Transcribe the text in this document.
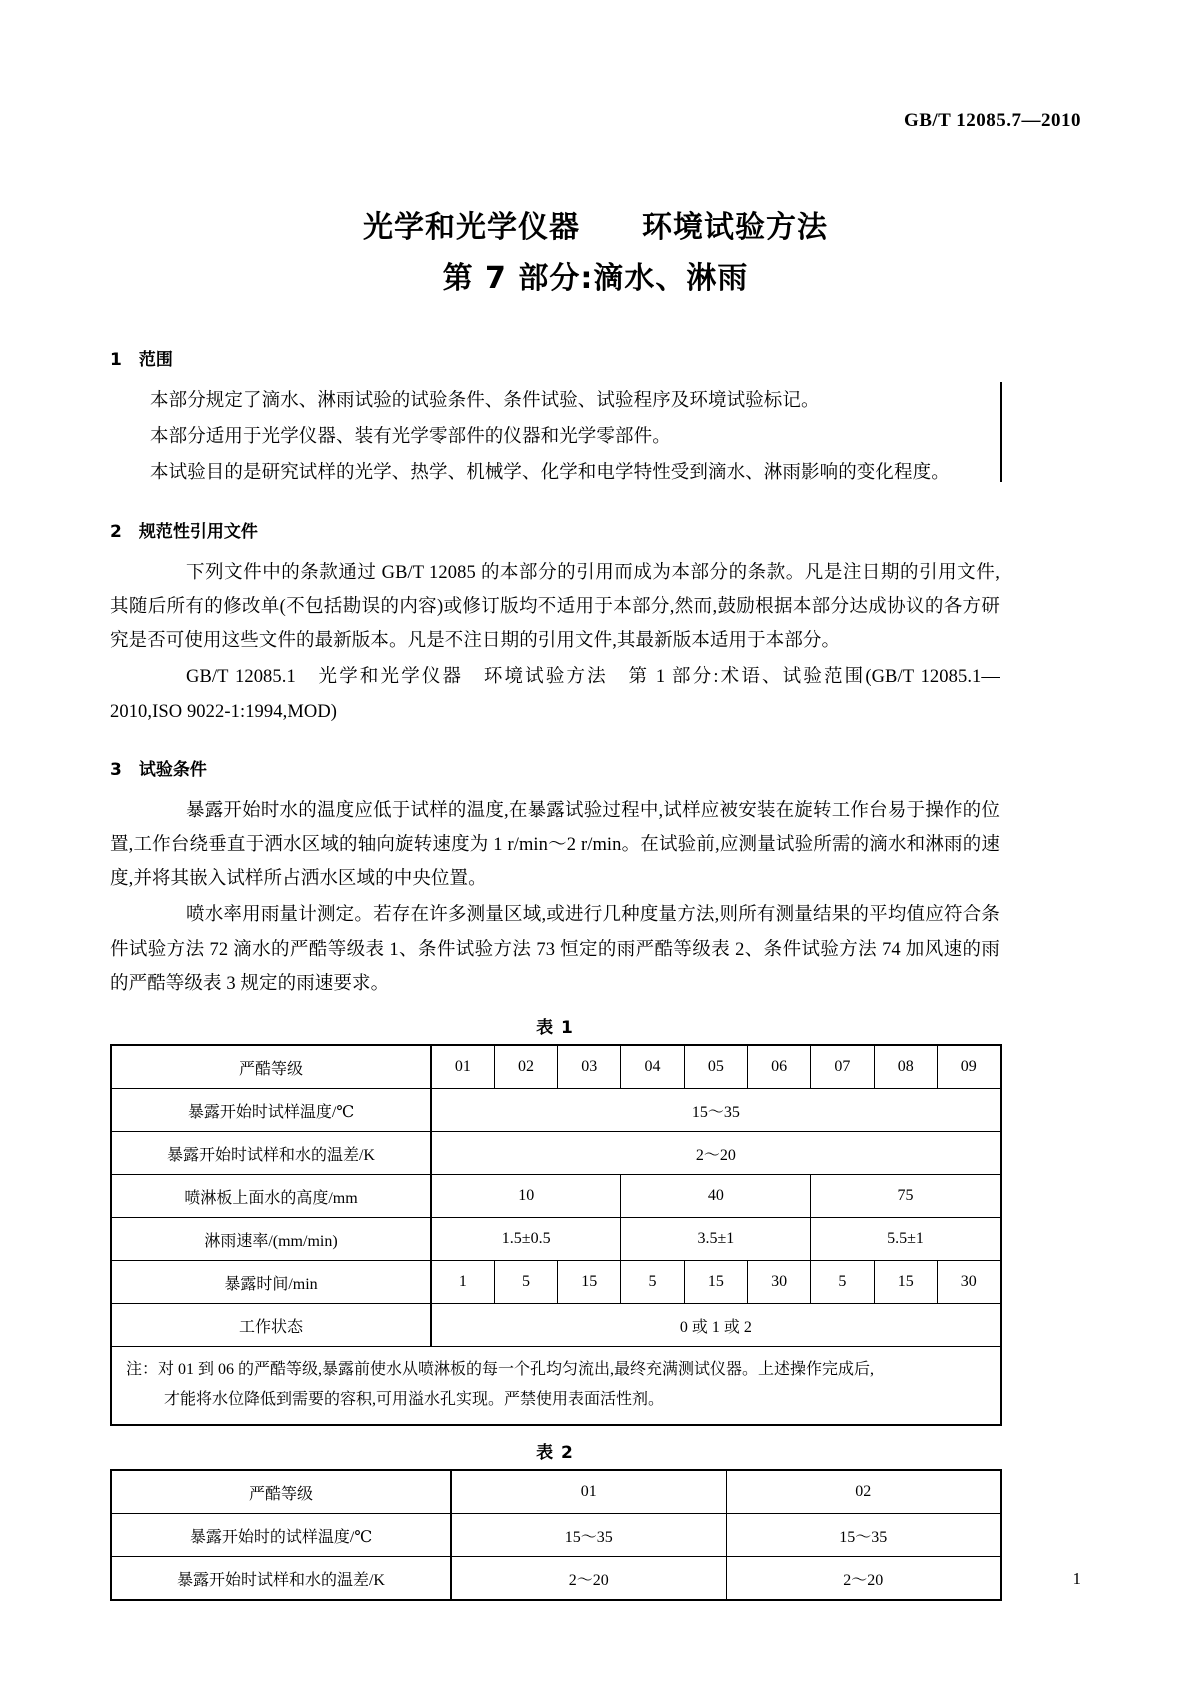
GB/T 12085.7—2010
光学和光学仪器　　环境试验方法
第 7 部分:滴水、淋雨
1　范围

本部分规定了滴水、淋雨试验的试验条件、条件试验、试验程序及环境试验标记。

本部分适用于光学仪器、装有光学零部件的仪器和光学零部件。

本试验目的是研究试样的光学、热学、机械学、化学和电学特性受到滴水、淋雨影响的变化程度。

2　规范性引用文件

下列文件中的条款通过 GB/T 12085 的本部分的引用而成为本部分的条款。凡是注日期的引用文件,其随后所有的修改单(不包括勘误的内容)或修订版均不适用于本部分,然而,鼓励根据本部分达成协议的各方研究是否可使用这些文件的最新版本。凡是不注日期的引用文件,其最新版本适用于本部分。

GB/T 12085.1　光学和光学仪器　环境试验方法　第 1 部分:术语、试验范围(GB/T 12085.1—2010,ISO 9022-1:1994,MOD)

3　试验条件

暴露开始时水的温度应低于试样的温度,在暴露试验过程中,试样应被安装在旋转工作台易于操作的位置,工作台绕垂直于洒水区域的轴向旋转速度为 1 r/min～2 r/min。在试验前,应测量试验所需的滴水和淋雨的速度,并将其嵌入试样所占洒水区域的中央位置。

喷水率用雨量计测定。若存在许多测量区域,或进行几种度量方法,则所有测量结果的平均值应符合条件试验方法 72 滴水的严酷等级表 1、条件试验方法 73 恒定的雨严酷等级表 2、条件试验方法 74 加风速的雨的严酷等级表 3 规定的雨速要求。

表 1
严酷等级	01	02	03	04	05	06	07	08	09
暴露开始时试样温度/℃	15～35								
暴露开始时试样和水的温差/K	2～20								
喷淋板上面水的高度/mm	10			40			75		
淋雨速率/(mm/min)	1.5±0.5			3.5±1			5.5±1		
暴露时间/min	1	5	15	5	15	30	5	15	30
工作状态	0 或 1 或 2								
注：对 01 到 06 的严酷等级,暴露前使水从喷淋板的每一个孔均匀流出,最终充满测试仪器。上述操作完成后,
才能将水位降低到需要的容积,可用溢水孔实现。严禁使用表面活性剂。									
表 2
严酷等级	01	02
暴露开始时的试样温度/℃	15～35	15～35
暴露开始时试样和水的温差/K	2～20	2～20	1
